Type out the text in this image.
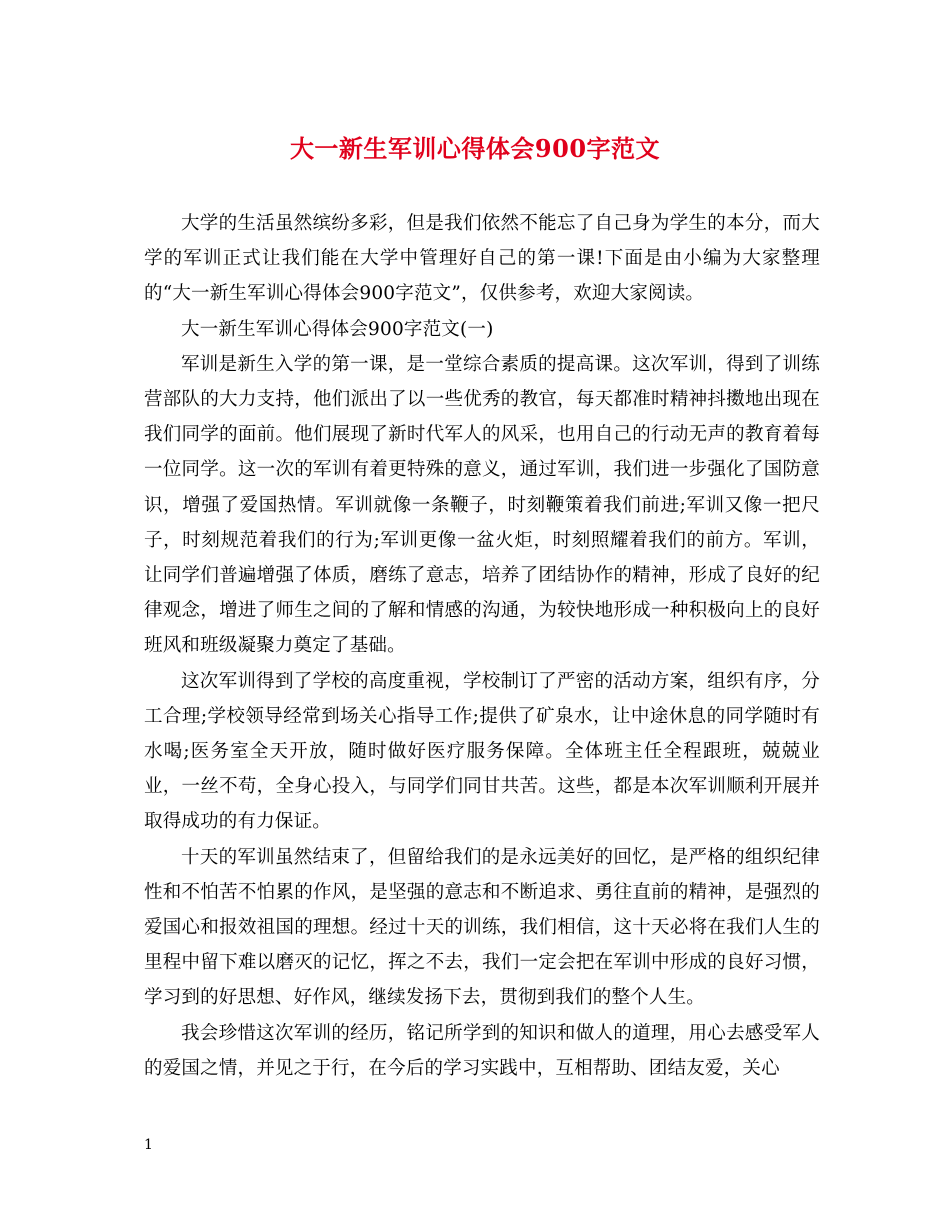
大一新生军训心得体会900字范文

大学的生活虽然缤纷多彩，但是我们依然不能忘了自己身为学生的本分，而大学的军训正式让我们能在大学中管理好自己的第一课!下面是由小编为大家整理的“大一新生军训心得体会900字范文”，仅供参考，欢迎大家阅读。

大一新生军训心得体会900字范文(一)

军训是新生入学的第一课，是一堂综合素质的提高课。这次军训，得到了训练营部队的大力支持，他们派出了以一些优秀的教官，每天都准时精神抖擞地出现在我们同学的面前。他们展现了新时代军人的风采，也用自己的行动无声的教育着每一位同学。这一次的军训有着更特殊的意义，通过军训，我们进一步强化了国防意识，增强了爱国热情。军训就像一条鞭子，时刻鞭策着我们前进;军训又像一把尺子，时刻规范着我们的行为;军训更像一盆火炬，时刻照耀着我们的前方。军训，让同学们普遍增强了体质，磨练了意志，培养了团结协作的精神，形成了良好的纪律观念，增进了师生之间的了解和情感的沟通，为较快地形成一种积极向上的良好班风和班级凝聚力奠定了基础。

这次军训得到了学校的高度重视，学校制订了严密的活动方案，组织有序，分工合理;学校领导经常到场关心指导工作;提供了矿泉水，让中途休息的同学随时有水喝;医务室全天开放，随时做好医疗服务保障。全体班主任全程跟班，兢兢业业，一丝不苟，全身心投入，与同学们同甘共苦。这些，都是本次军训顺利开展并取得成功的有力保证。

十天的军训虽然结束了，但留给我们的是永远美好的回忆，是严格的组织纪律性和不怕苦不怕累的作风，是坚强的意志和不断追求、勇往直前的精神，是强烈的爱国心和报效祖国的理想。经过十天的训练，我们相信，这十天必将在我们人生的里程中留下难以磨灭的记忆，挥之不去，我们一定会把在军训中形成的良好习惯，学习到的好思想、好作风，继续发扬下去，贯彻到我们的整个人生。

我会珍惜这次军训的经历，铭记所学到的知识和做人的道理，用心去感受军人的爱国之情，并见之于行，在今后的学习实践中，互相帮助、团结友爱，关心

1
